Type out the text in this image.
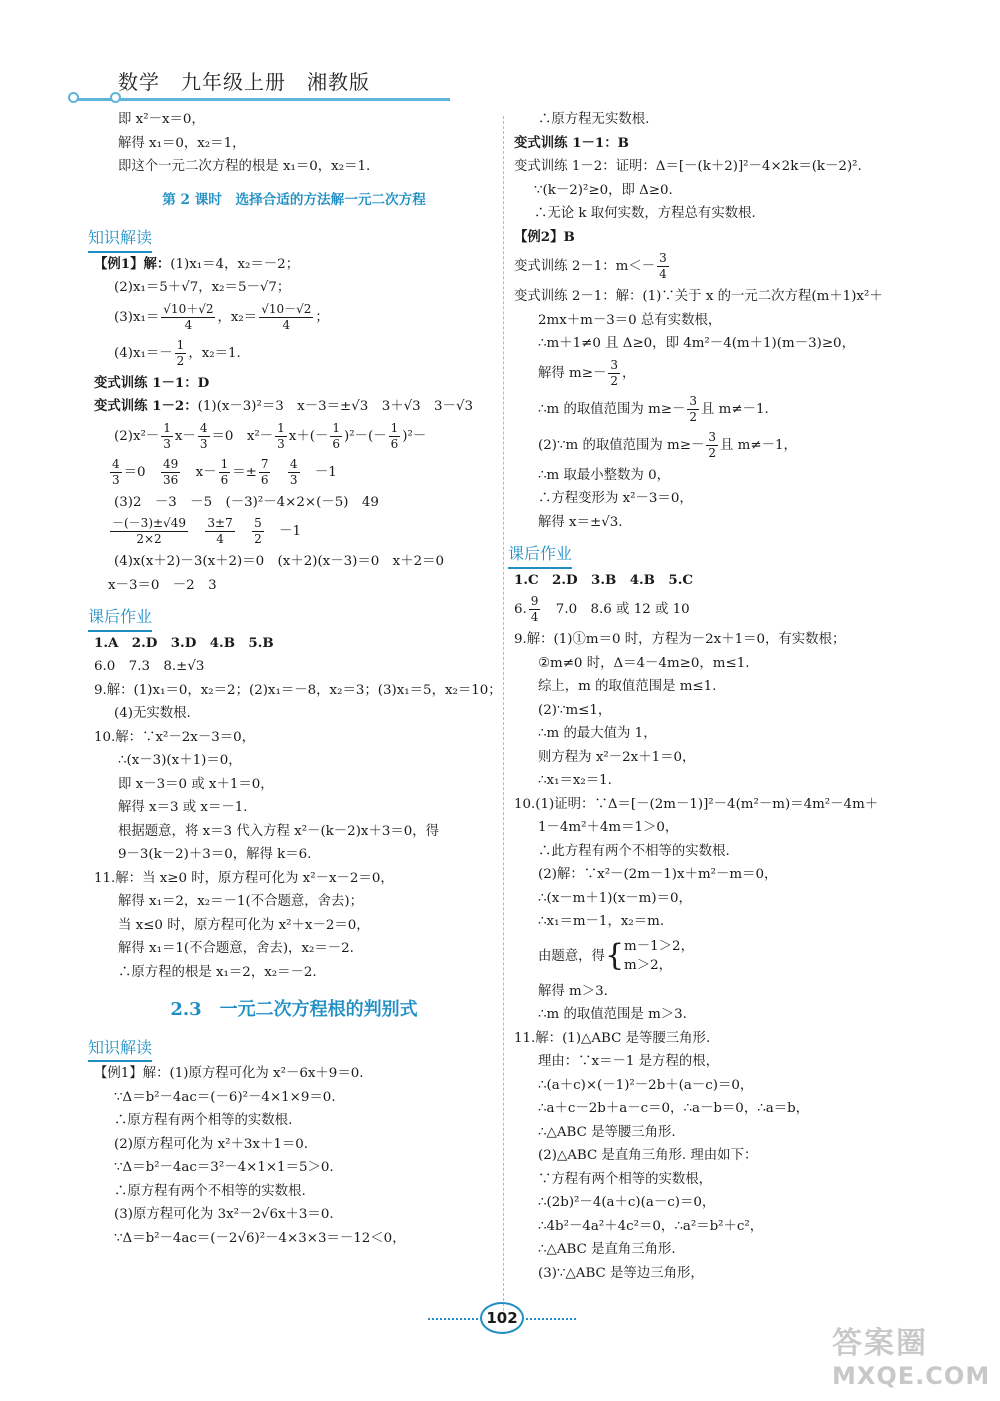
数学　九年级上册　湘教版
即 x²－x＝0，
解得 x₁＝0，x₂＝1，
即这个一元二次方程的根是 x₁＝0，x₂＝1.
第 2 课时　选择合适的方法解一元二次方程
知识解读
【例1】解：(1)x₁＝4，x₂＝－2；
(2)x₁＝5＋√7，x₂＝5－√7；
$(3)x_1= \frac{√10+√2}{4}$ ，$x_2= \frac{√10-√2}{4}$ ；
$(4)x_1=- \frac{1}{2}$ ，x₂＝1.
变式训练 1－1：D
变式训练 1－2：(1)(x－3)²＝3　x－3＝±√3　3＋√3　3－√3
$(2)x^2- \frac{1}{3} x- \frac{4}{3} =0$　$x^2- \frac{1}{3} x+(- \frac{1}{6} )^2-(- \frac{1}{6} )^2-$
$\frac{4}{3} =0$　 $\frac{49}{36}$ 　$x- \frac{1}{6} =\pm \frac{7}{6}$
　 $\frac{4}{3}$ 　－1
(3)2　－3　－5　(－3)²－4×2×(－5)　49
$\frac{-(-3)\pm√49}{2\times 2}$
　 $\frac{3\pm 7}{4}$
　 $\frac{5}{2}$ 　－1
(4)x(x＋2)－3(x＋2)＝0　(x＋2)(x－3)＝0　x＋2＝0
x－3＝0　－2　3
课后作业
1.A　2.D　3.D　4.B　5.B
6.0　7.3　8.±√3
9.解：(1)x₁＝0，x₂＝2；(2)x₁＝－8，x₂＝3；(3)x₁＝5，x₂＝10；
(4)无实数根.
10.解：∵x²－2x－3＝0，
∴(x－3)(x＋1)＝0，
即 x－3＝0 或 x＋1＝0，
解得 x＝3 或 x＝－1.
根据题意，将 x＝3 代入方程 x²－(k－2)x＋3＝0，得
9－3(k－2)＋3＝0，解得 k＝6.
11.解：当 x≥0 时，原方程可化为 x²－x－2＝0，
解得 x₁＝2，x₂＝－1(不合题意，舍去)；
当 x≤0 时，原方程可化为 x²＋x－2＝0，
解得 x₁＝1(不合题意，舍去)，x₂＝－2.
∴原方程的根是 x₁＝2，x₂＝－2.
2.3　一元二次方程根的判别式
知识解读
【例1】解：(1)原方程可化为 x²－6x＋9＝0.
∵Δ＝b²－4ac＝(－6)²－4×1×9＝0.
∴原方程有两个相等的实数根.
(2)原方程可化为 x²＋3x＋1＝0.
∵Δ＝b²－4ac＝3²－4×1×1＝5＞0.
∴原方程有两个不相等的实数根.
(3)原方程可化为 3x²－2√6x＋3＝0.
∵Δ＝b²－4ac＝(－2√6)²－4×3×3＝－12＜0，
∴原方程无实数根.
变式训练 1－1：B
变式训练 1－2：证明：Δ＝[－(k＋2)]²－4×2k＝(k－2)².
∵(k－2)²≥0，即 Δ≥0.
∴无论 k 取何实数，方程总有实数根.
【例2】B
变式训练 2－1：$m<- \frac{3}{4}$
变式训练 2－1：解：(1)∵关于 x 的一元二次方程(m＋1)x²＋
2mx＋m－3＝0 总有实数根，
∴m＋1≠0 且 Δ≥0，即 4m²－4(m＋1)(m－3)≥0，
解得 $m\ge- \frac{3}{2}$ ，
∴m 的取值范围为 $m\ge- \frac{3}{2}$ 且 m≠－1.
(2)∵m 的取值范围为 $m\ge- \frac{3}{2}$ 且 m≠－1，
∴m 取最小整数为 0，
∴方程变形为 x²－3＝0，
解得 x＝±√3.
课后作业
1.C　2.D　3.B　4.B　5.C
6. $\frac{9}{4}$ 　7.0　8.6 或 12 或 10
9.解：(1)①m＝0 时，方程为－2x＋1＝0，有实数根；
②m≠0 时，Δ＝4－4m≥0，m≤1.
综上，m 的取值范围是 m≤1.
(2)∵m≤1，
∴m 的最大值为 1，
则方程为 x²－2x＋1＝0，
∴x₁＝x₂＝1.
10.(1)证明：∵Δ＝[－(2m－1)]²－4(m²－m)＝4m²－4m＋
1－4m²＋4m＝1＞0，
∴此方程有两个不相等的实数根.
(2)解：∵x²－(2m－1)x＋m²－m＝0，
∴(x－m＋1)(x－m)＝0，
∴x₁＝m－1，x₂＝m.
由题意，得{ m－1＞2，
m＞2，
解得 m＞3.
∴m 的取值范围是 m＞3.
11.解：(1)△ABC 是等腰三角形.
理由：∵x＝－1 是方程的根，
∴(a＋c)×(－1)²－2b＋(a－c)＝0，
∴a＋c－2b＋a－c＝0，∴a－b＝0，∴a＝b，
∴△ABC 是等腰三角形.
(2)△ABC 是直角三角形. 理由如下：
∵方程有两个相等的实数根，
∴(2b)²－4(a＋c)(a－c)＝0，
∴4b²－4a²＋4c²＝0，∴a²＝b²＋c²，
∴△ABC 是直角三角形.
(3)∵△ABC 是等边三角形，
102
答案圈
MXQE.COM
